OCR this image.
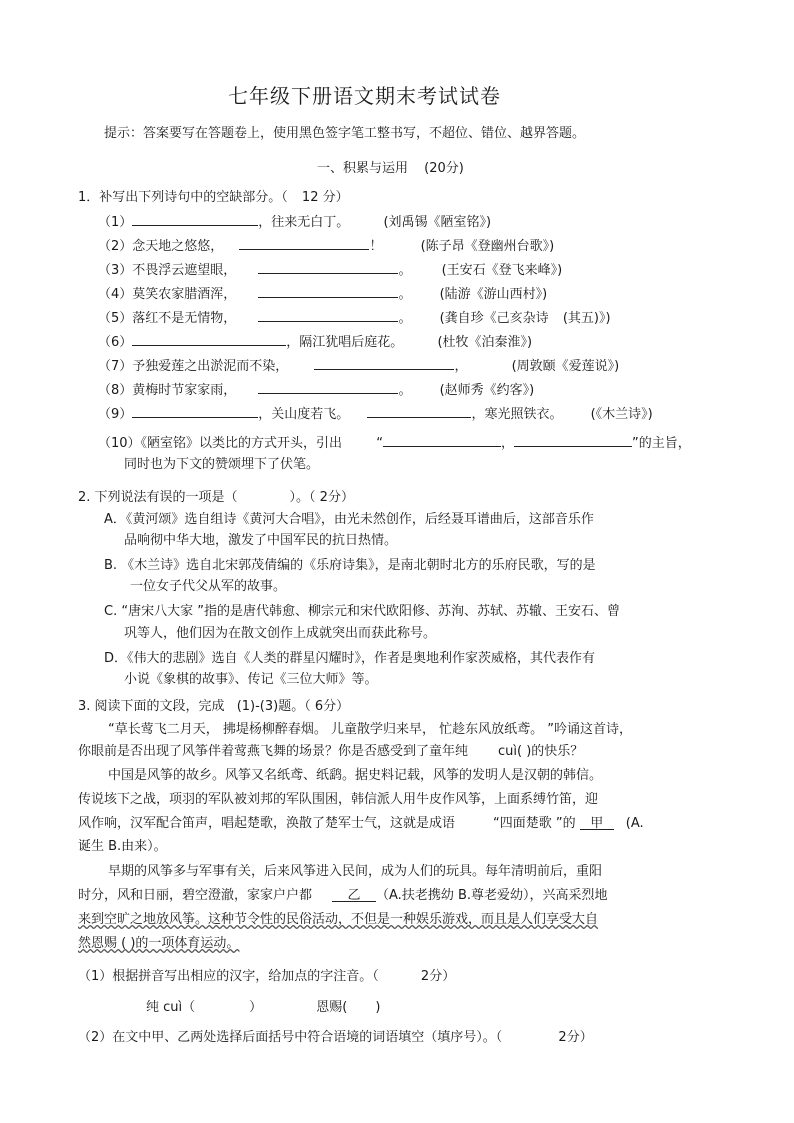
七年级下册语文期末考试试卷
提示：答案要写在答题卷上，使用黑色签字笔工整书写，不超位、错位、越界答题。
一、积累与运用 (20分)
1．补写出下列诗句中的空缺部分。（ 12 分）
（1）	，往来无白丁。	(刘禹锡《陋室铭》)
（2）念天地之悠悠，	！	(陈子昂《登幽州台歌》)
（3）不畏浮云遮望眼，	。 (王安石《登飞来峰》)
（4）莫笑农家腊酒浑，	。 (陆游《游山西村》)
（5）落红不是无情物，	。 (龚自珍《己亥杂诗 (其五)》)
（6）	，隔江犹唱后庭花。	(杜牧《泊秦淮》)
（7）予独爱莲之出淤泥而不染，	，	(周敦颐《爱莲说》)
（8）黄梅时节家家雨，	。 (赵师秀《约客》)
（9）	，关山度若飞。	，寒光照铁衣。 (《木兰诗》)
（10）《陋室铭》以类比的方式开头，引出	“	，	”的主旨，
同时也为下文的赞颂埋下了伏笔。
2. 下列说法有误的一项是（	）。（ 2分）
A．《黄河颂》选自组诗《黄河大合唱》，由光未然创作，后经聂耳谱曲后，这部音乐作
品响彻中华大地，激发了中国军民的抗日热情。
B. 《木兰诗》选自北宋郭茂倩编的《乐府诗集》，是南北朝时北方的乐府民歌，写的是
一位女子代父从军的故事。
C. “唐宋八大家 ”指的是唐代韩愈、柳宗元和宋代欧阳修、苏洵、苏轼、苏辙、王安石、曾
巩等人，他们因为在散文创作上成就突出而获此称号。
D．《伟大的悲剧》选自《人类的群星闪耀时》，作者是奥地利作家茨威格，其代表作有
小说《象棋的故事》、传记《三位大师》等。
3. 阅读下面的文段，完成 (1)-(3)题。（ 6分）
“草长莺飞二月天， 拂堤杨柳醉春烟。 儿童散学归来早， 忙趁东风放纸鸢。 ”吟诵这首诗，
你眼前是否出现了风筝伴着莺燕飞舞的场景？你是否感受到了童年纯 cuì( )的快乐？
中国是风筝的故乡。风筝又名纸鸢、纸鹞。据史料记载，风筝的发明人是汉朝的韩信。
传说垓下之战，项羽的军队被刘邦的军队围困，韩信派人用牛皮作风筝，上面系缚竹笛，迎
风作响，汉军配合笛声，唱起楚歌，涣散了楚军士气，这就是成语	“四面楚歌 ”的 甲 (A.
诞生 B.由来）。
早期的风筝多与军事有关，后来风筝进入民间，成为人们的玩具。每年清明前后，重阳
时分，风和日丽，碧空澄澈，家家户户都	乙 （A.扶老携幼 B.尊老爱幼），兴高采烈地
来到空旷之地放风筝。这种节令性的民俗活动，不但是一种娱乐游戏，而且是人们享受大自
然恩赐 ( )的一项体育运动。
（1）根据拼音写出相应的汉字，给加点的字注音。（	2分）
纯 cuì（	）	恩赐( )
（2）在文中甲、乙两处选择后面括号中符合语境的词语填空（填序号）。（	2分）
